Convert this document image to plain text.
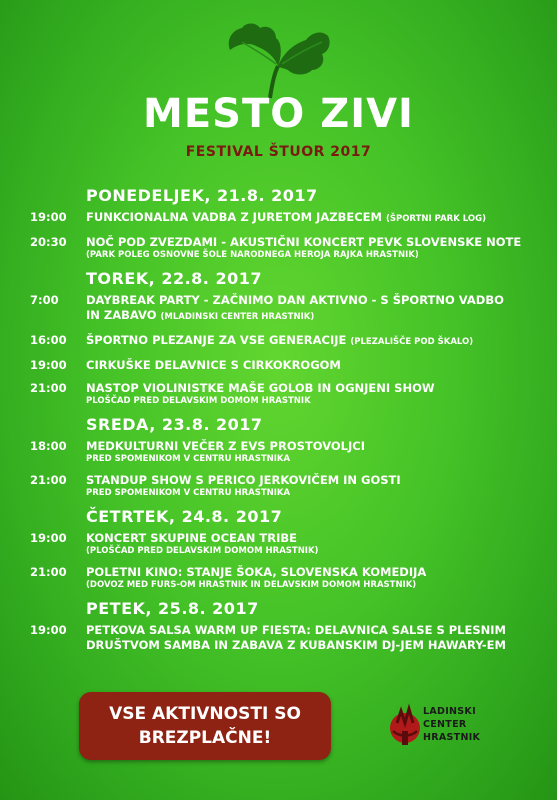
MESTO ZIVI
FESTIVAL ŠTUOR 2017
PONEDELJEK, 21.8. 2017
19:00 FUNKCIONALNA VADBA Z JURETOM JAZBECEM (ŠPORTNI PARK LOG)
20:30 NOČ POD ZVEZDAMI - AKUSTIČNI KONCERT PEVK SLOVENSKE NOTE
(PARK POLEG OSNOVNE ŠOLE NARODNEGA HEROJA RAJKA HRASTNIK)
TOREK, 22.8. 2017
7:00 DAYBREAK PARTY - ZAČNIMO DAN AKTIVNO - S ŠPORTNO VADBO IN ZABAVO (MLADINSKI CENTER HRASTNIK)
16:00 ŠPORTNO PLEZANJE ZA VSE GENERACIJE (PLEZALIŠČE POD ŠKALO)
19:00 CIRKUŠKE DELAVNICE S CIRKOKROGOM
21:00 NASTOP VIOLINISTKE MAŠE GOLOB IN OGNJENI SHOW
PLOŠČAD PRED DELAVSKIM DOMOM HRASTNIK
SREDA, 23.8. 2017
18:00 MEDKULTURNI VEČER Z EVS PROSTOVOLJCI
PRED SPOMENIKOM V CENTRU HRASTNIKA
21:00 STANDUP SHOW S PERICO JERKOVIČEM IN GOSTI
PRED SPOMENIKOM V CENTRU HRASTNIKA
ČETRTEK, 24.8. 2017
19:00 KONCERT SKUPINE OCEAN TRIBE
(PLOŠČAD PRED DELAVSKIM DOMOM HRASTNIK)
21:00 POLETNI KINO: STANJE ŠOKA, SLOVENSKA KOMEDIJA
(DOVOZ MED FURS-OM HRASTNIK IN DELAVSKIM DOMOM HRASTNIK)
PETEK, 25.8. 2017
19:00 PETKOVA SALSA WARM UP FIESTA: DELAVNICA SALSE S PLESNIM DRUŠTVOM SAMBA IN ZABAVA Z KUBANSKIM DJ-JEM HAWARY-EM
VSE AKTIVNOSTI SO
BREZPLAČNE!
LADINSKI
CENTER
HRASTNIK
